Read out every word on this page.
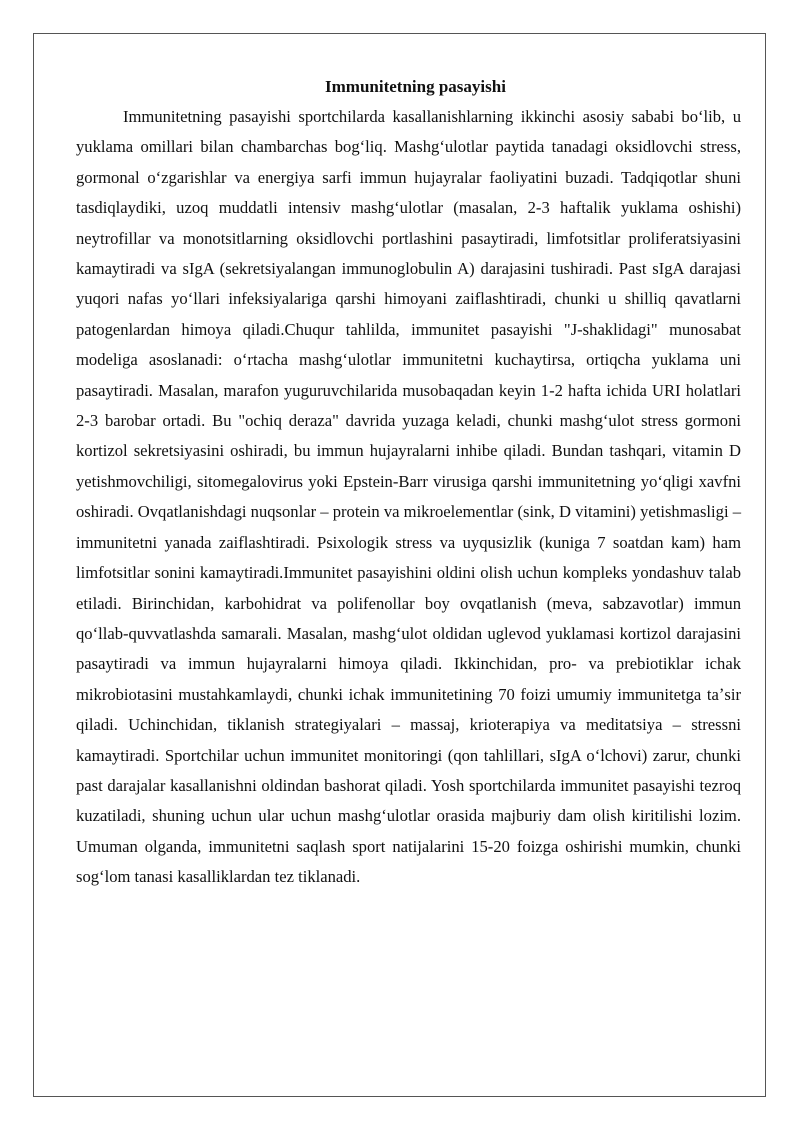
Immunitetning pasayishi

Immunitetning pasayishi sportchilarda kasallanishlarning ikkinchi asosiy sababi boʻlib, u yuklama omillari bilan chambarchas bogʻliq. Mashgʻulotlar paytida tanadagi oksidlovchi stress, gormonal oʻzgarishlar va energiya sarfi immun hujayralar faoliyatini buzadi. Tadqiqotlar shuni tasdiqlaydiki, uzoq muddatli intensiv mashgʻulotlar (masalan, 2-3 haftalik yuklama oshishi) neytrofillar va monotsitlarning oksidlovchi portlashini pasaytiradi, limfotsitlar proliferatsiyasini kamaytiradi va sIgA (sekretsiyalangan immunoglobulin A) darajasini tushiradi. Past sIgA darajasi yuqori nafas yoʻllari infeksiyalariga qarshi himoyani zaiflashtiradi, chunki u shilliq qavatlarni patogenlardan himoya qiladi.Chuqur tahlilda, immunitet pasayishi "J-shaklidagi" munosabat modeliga asoslanadi: oʻrtacha mashgʻulotlar immunitetni kuchaytirsa, ortiqcha yuklama uni pasaytiradi. Masalan, marafon yuguruvchilarida musobaqadan keyin 1-2 hafta ichida URI holatlari 2-3 barobar ortadi. Bu "ochiq deraza" davrida yuzaga keladi, chunki mashgʻulot stress gormoni kortizol sekretsiyasini oshiradi, bu immun hujayralarni inhibe qiladi. Bundan tashqari, vitamin D yetishmovchiligi, sitomegalovirus yoki Epstein-Barr virusiga qarshi immunitetning yoʻqligi xavfni oshiradi. Ovqatlanishdagi nuqsonlar – protein va mikroelementlar (sink, D vitamini) yetishmasligi – immunitetni yanada zaiflashtiradi. Psixologik stress va uyqusizlik (kuniga 7 soatdan kam) ham limfotsitlar sonini kamaytiradi.Immunitet pasayishini oldini olish uchun kompleks yondashuv talab etiladi. Birinchidan, karbohidrat va polifenollar boy ovqatlanish (meva, sabzavotlar) immun qoʻllab-quvvatlashda samarali. Masalan, mashgʻulot oldidan uglevod yuklamasi kortizol darajasini pasaytiradi va immun hujayralarni himoya qiladi. Ikkinchidan, pro- va prebiotiklar ichak mikrobiotasini mustahkamlaydi, chunki ichak immunitetining 70 foizi umumiy immunitetga taʼsir qiladi. Uchinchidan, tiklanish strategiyalari – massaj, krioterapiya va meditatsiya – stressni kamaytiradi. Sportchilar uchun immunitet monitoringi (qon tahlillari, sIgA oʻlchovi) zarur, chunki past darajalar kasallanishni oldindan bashorat qiladi. Yosh sportchilarda immunitet pasayishi tezroq kuzatiladi, shuning uchun ular uchun mashgʻulotlar orasida majburiy dam olish kiritilishi lozim. Umuman olganda, immunitetni saqlash sport natijalarini 15-20 foizga oshirishi mumkin, chunki sogʻlom tanasi kasalliklardan tez tiklanadi.
